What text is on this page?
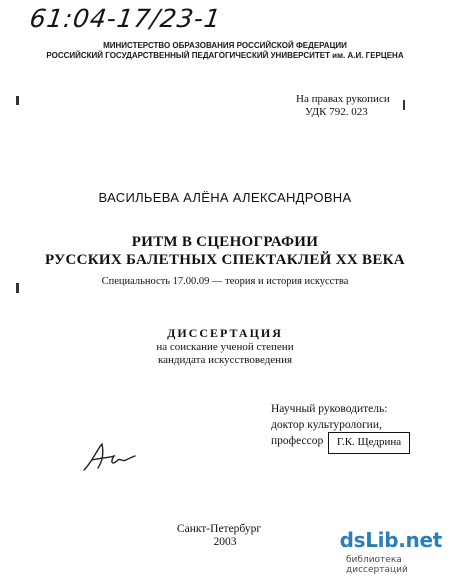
61:04-17/23-1
МИНИСТЕРСТВО ОБРАЗОВАНИЯ РОССИЙСКОЙ ФЕДЕРАЦИИ
РОССИЙСКИЙ ГОСУДАРСТВЕННЫЙ ПЕДАГОГИЧЕСКИЙ УНИВЕРСИТЕТ им. А.И. ГЕРЦЕНА
На правах рукописи
УДК 792. 023
ВАСИЛЬЕВА АЛЁНА АЛЕКСАНДРОВНА
РИТМ В СЦЕНОГРАФИИ
РУССКИХ БАЛЕТНЫХ СПЕКТАКЛЕЙ XX ВЕКА
Специальность 17.00.09 — теория и история искусства
ДИССЕРТАЦИЯ
на соискание ученой степени
кандидата искусствоведения
Научный руководитель:
доктор культурологии,
профессор	Г.К. Щедрина
Санкт-Петербург
2003	dsLib.net
библиотека диссертаций
